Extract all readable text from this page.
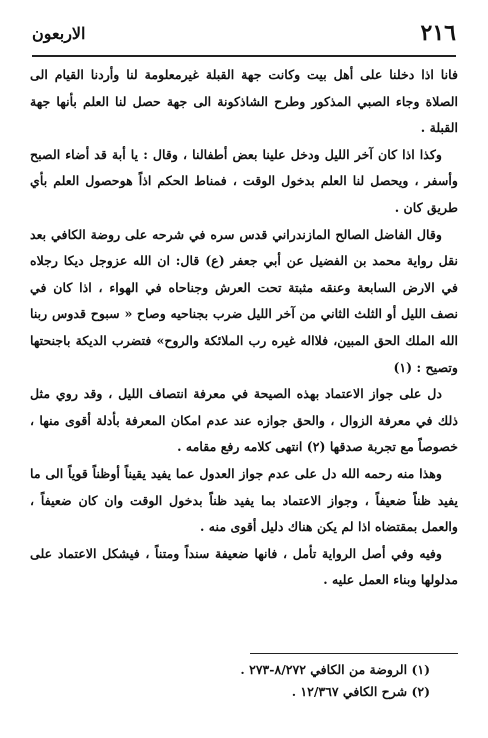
٢١٦
الاربعون

فانا اذا دخلنا على أهل بيت وكانت جهة القبلة غيرمعلومة لنا وأردنا القيام الى الصلاة وجاء الصبي المذكور وطرح الشاذكونة الى جهة حصل لنا العلم بأنها جهة القبلة .

وكذا اذا كان آخر الليل ودخل علينا بعض أطفالنا ، وقال : يا أبة قد أضاء الصبح وأسفر ، ويحصل لنا العلم بدخول الوقت ، فمناط الحكم اذاً هوحصول العلم بأي طريق كان .

وقال الفاضل الصالح المازندراني قدس سره في شرحه على روضة الكافي بعد نقل رواية محمد بن الفضيل عن أبي جعفر (ع) قال: ان الله عزوجل ديكا رجلاه في الارض السابعة وعنقه مثبتة تحت العرش وجناحاه في الهواء ، اذا كان في نصف الليل أو الثلث الثاني من آخر الليل ضرب بجناحيه وصاح « سبوح قدوس ربنا الله الملك الحق المبين، فلااله غيره رب الملائكة والروح» فتضرب الديكة باجنحتها وتصيح : (١)

دل على جواز الاعتماد بهذه الصيحة في معرفة انتصاف الليل ، وقد روي مثل ذلك في معرفة الزوال ، والحق جوازه عند عدم امكان المعرفة بأدلة أقوى منها ، خصوصاً مع تجربة صدقها (٢) انتهى كلامه رفع مقامه .

وهذا منه رحمه الله دل على عدم جواز العدول عما يفيد يقيناً أوظناً قوياً الى ما يفيد ظناً ضعيفاً ، وجواز الاعتماد بما يفيد ظناً بدخول الوقت وان كان ضعيفاً ، والعمل بمقتضاه اذا لم يكن هناك دليل أقوى منه .

وفيه وفي أصل الرواية تأمل ، فانها ضعيفة سنداً ومتناً ، فيشكل الاعتماد على مدلولها وبناء العمل عليه .

(١) الروضة من الكافي ٨/٢٧٢-٢٧٣ .
(٢) شرح الكافي ١٢/٣٦٧ .
